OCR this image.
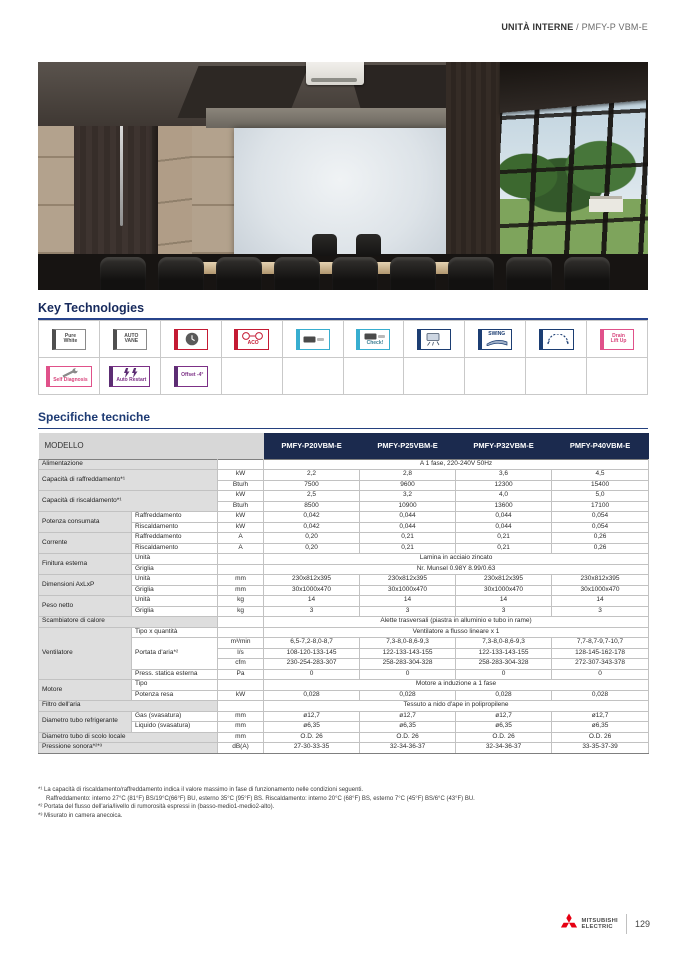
UNITÀ INTERNE / PMFY-P VBM-E
Key Technologies
Pure
White
AUTO
VANE	ACO	Check!
SWING	Drain
Lift Up
Self Diagnosis	Auto Restart
Offset -4°
Specifiche tecniche
MODELLO			PMFY-P20VBM-E	PMFY-P25VBM-E	PMFY-P32VBM-E	PMFY-P40VBM-E
Alimentazione			A 1 fase, 220-240V 50Hz			
Capacità di raffreddamento*¹		kW	2,2	2,8	3,6	4,5
		Btu/h	7500	9600	12300	15400
Capacità di riscaldamento*¹		kW	2,5	3,2	4,0	5,0
		Btu/h	8500	10900	13600	17100
Potenza consumata	Raffreddamento	kW	0,042	0,044	0,044	0,054
	Riscaldamento	kW	0,042	0,044	0,044	0,054
Corrente	Raffreddamento	A	0,20	0,21	0,21	0,26
	Riscaldamento	A	0,20	0,21	0,21	0,26
Finitura esterna	Unità		Lamina in acciaio zincato			
	Griglia		Nr. Munsel 0.98Y 8.99/0.63			
Dimensioni AxLxP	Unità	mm	230x812x395	230x812x395	230x812x395	230x812x395
	Griglia	mm	30x1000x470	30x1000x470	30x1000x470	30x1000x470
Peso netto	Unità	kg	14	14	14	14
	Griglia	kg	3	3	3	3
Scambiatore di calore			Alette trasversali (piastra in alluminio e tubo in rame)			
Ventilatore	Tipo x quantità		Ventilatore a flusso lineare x 1			
	Portata d'aria*²	m³/min	6,5-7,2-8,0-8,7	7,3-8,0-8,6-9,3	7,3-8,0-8,6-9,3	7,7-8,7-9,7-10,7
		l/s	108-120-133-145	122-133-143-155	122-133-143-155	128-145-162-178
		cfm	230-254-283-307	258-283-304-328	258-283-304-328	272-307-343-378
	Press. statica esterna	Pa	0	0	0	0
Motore	Tipo		Motore a induzione a 1 fase			
	Potenza resa	kW	0,028	0,028	0,028	0,028
Filtro dell'aria			Tessuto a nido d'ape in polipropilene			
Diametro tubo refrigerante	Gas (svasatura)	mm	ø12,7	ø12,7	ø12,7	ø12,7
	Liquido (svasatura)	mm	ø6,35	ø6,35	ø6,35	ø6,35
Diametro tubo di scolo locale		mm	O.D. 26	O.D. 26	O.D. 26	O.D. 26
Pressione sonora*²*³		dB(A)	27-30-33-35	32-34-36-37	32-34-36-37	33-35-37-39
*¹ La capacità di riscaldamento/raffreddamento indica il valore massimo in fase di funzionamento nelle condizioni seguenti.
Raffreddamento: interno 27°C (81°F) BS/19°C(66°F) BU, esterno 35°C (95°F) BS. Riscaldamento: interno 20°C (68°F) BS, esterno 7°C (45°F) BS/6°C (43°F) BU.
*² Portata del flusso dell'aria/livello di rumorosità espressi in (basso-medio1-medio2-alto).
*³ Misurato in camera anecoica.
MITSUBISHI
ELECTRIC	129
